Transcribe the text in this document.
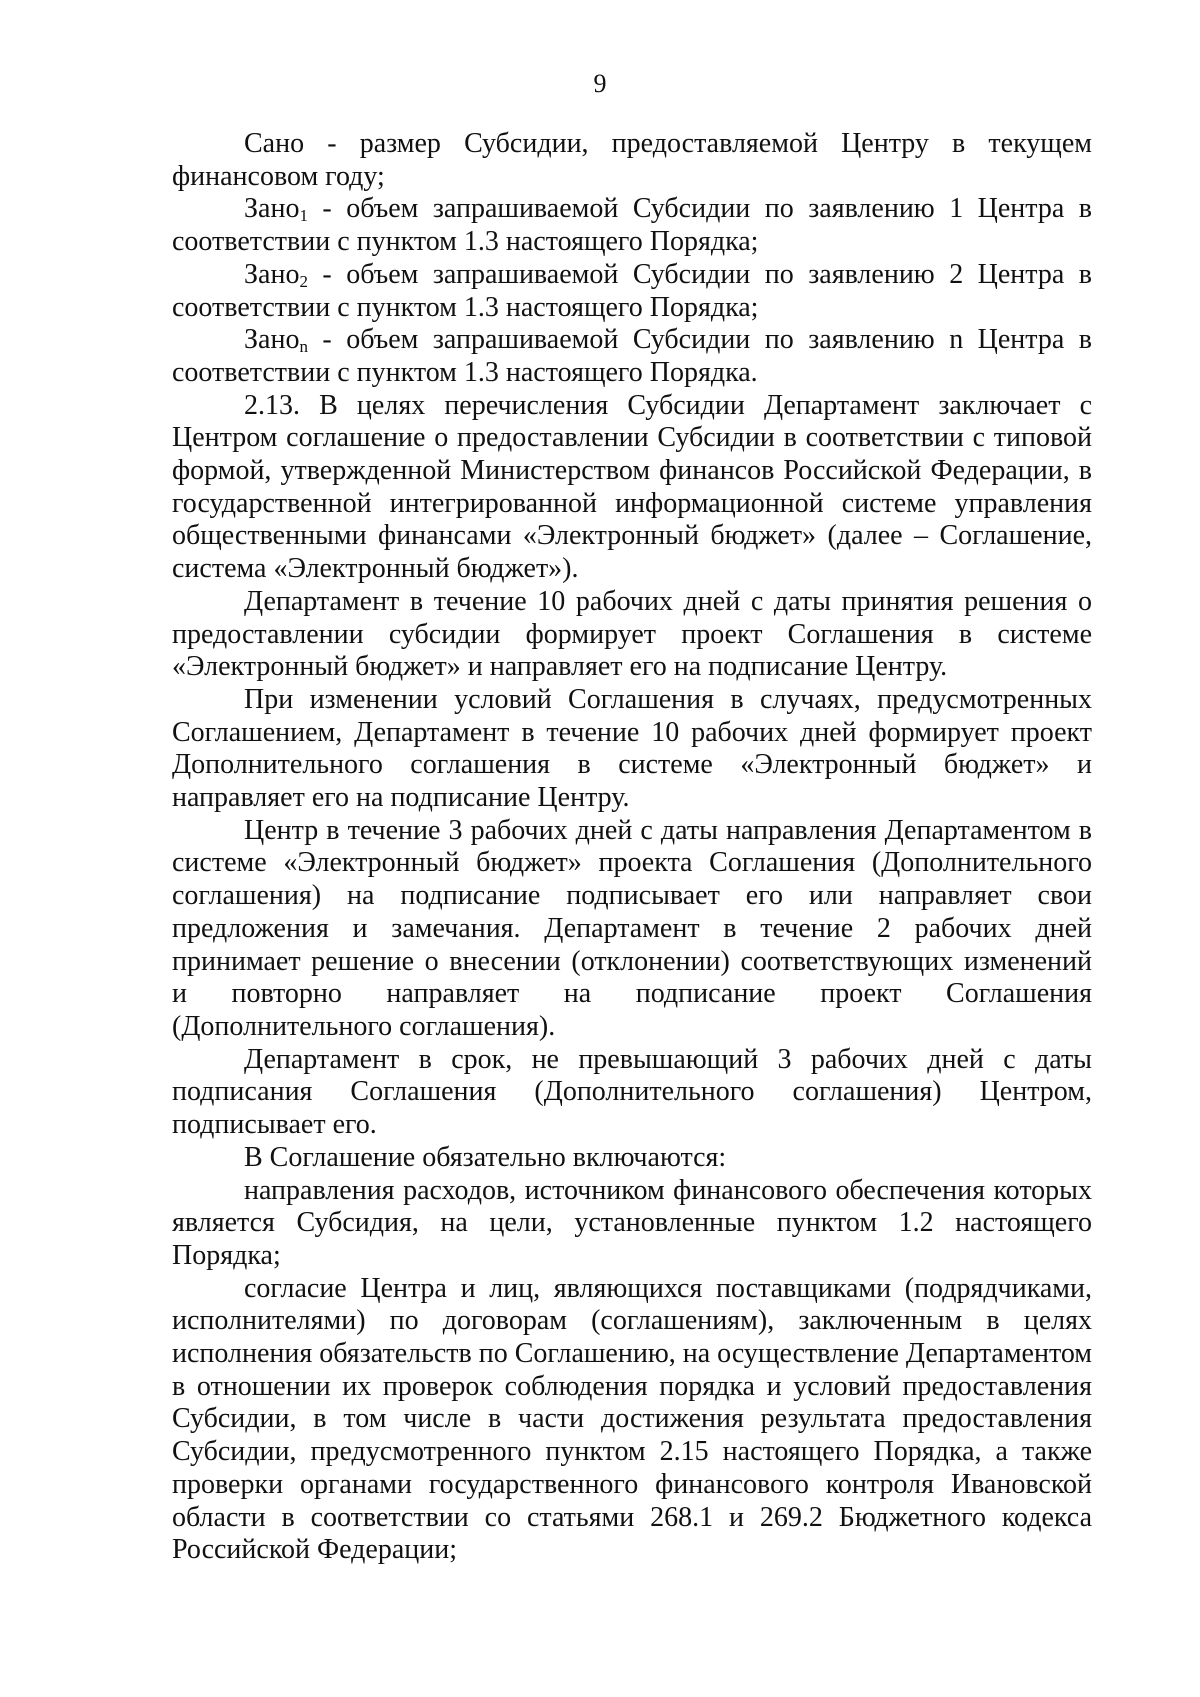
9

Сано - размер Субсидии, предоставляемой Центру в текущем финансовом году;

Зано$_1$ - объем запрашиваемой Субсидии по заявлению 1 Центра в соответствии с пунктом 1.3 настоящего Порядка;

Зано$_2$ - объем запрашиваемой Субсидии по заявлению 2 Центра в соответствии с пунктом 1.3 настоящего Порядка;

Зано$_n$ - объем запрашиваемой Субсидии по заявлению n Центра в соответствии с пунктом 1.3 настоящего Порядка.

2.13. В целях перечисления Субсидии Департамент заключает с Центром соглашение о предоставлении Субсидии в соответствии с типовой формой, утвержденной Министерством финансов Российской Федерации, в государственной интегрированной информационной системе управления общественными финансами «Электронный бюджет» (далее – Соглашение, система «Электронный бюджет»).

Департамент в течение 10 рабочих дней с даты принятия решения о предоставлении субсидии формирует проект Соглашения в системе «Электронный бюджет» и направляет его на подписание Центру.

При изменении условий Соглашения в случаях, предусмотренных Соглашением, Департамент в течение 10 рабочих дней формирует проект Дополнительного соглашения в системе «Электронный бюджет» и направляет его на подписание Центру.

Центр в течение 3 рабочих дней с даты направления Департаментом в системе «Электронный бюджет» проекта Соглашения (Дополнительного соглашения) на подписание подписывает его или направляет свои предложения и замечания. Департамент в течение 2 рабочих дней принимает решение о внесении (отклонении) соответствующих изменений и повторно направляет на подписание проект Соглашения (Дополнительного соглашения).

Департамент в срок, не превышающий 3 рабочих дней с даты подписания Соглашения (Дополнительного соглашения) Центром, подписывает его.

В Соглашение обязательно включаются:

направления расходов, источником финансового обеспечения которых является Субсидия, на цели, установленные пунктом 1.2 настоящего Порядка;

согласие Центра и лиц, являющихся поставщиками (подрядчиками, исполнителями) по договорам (соглашениям), заключенным в целях исполнения обязательств по Соглашению, на осуществление Департаментом в отношении их проверок соблюдения порядка и условий предоставления Субсидии, в том числе в части достижения результата предоставления Субсидии, предусмотренного пунктом 2.15 настоящего Порядка, а также проверки органами государственного финансового контроля Ивановской области в соответствии со статьями 268.1 и 269.2 Бюджетного кодекса Российской Федерации;
